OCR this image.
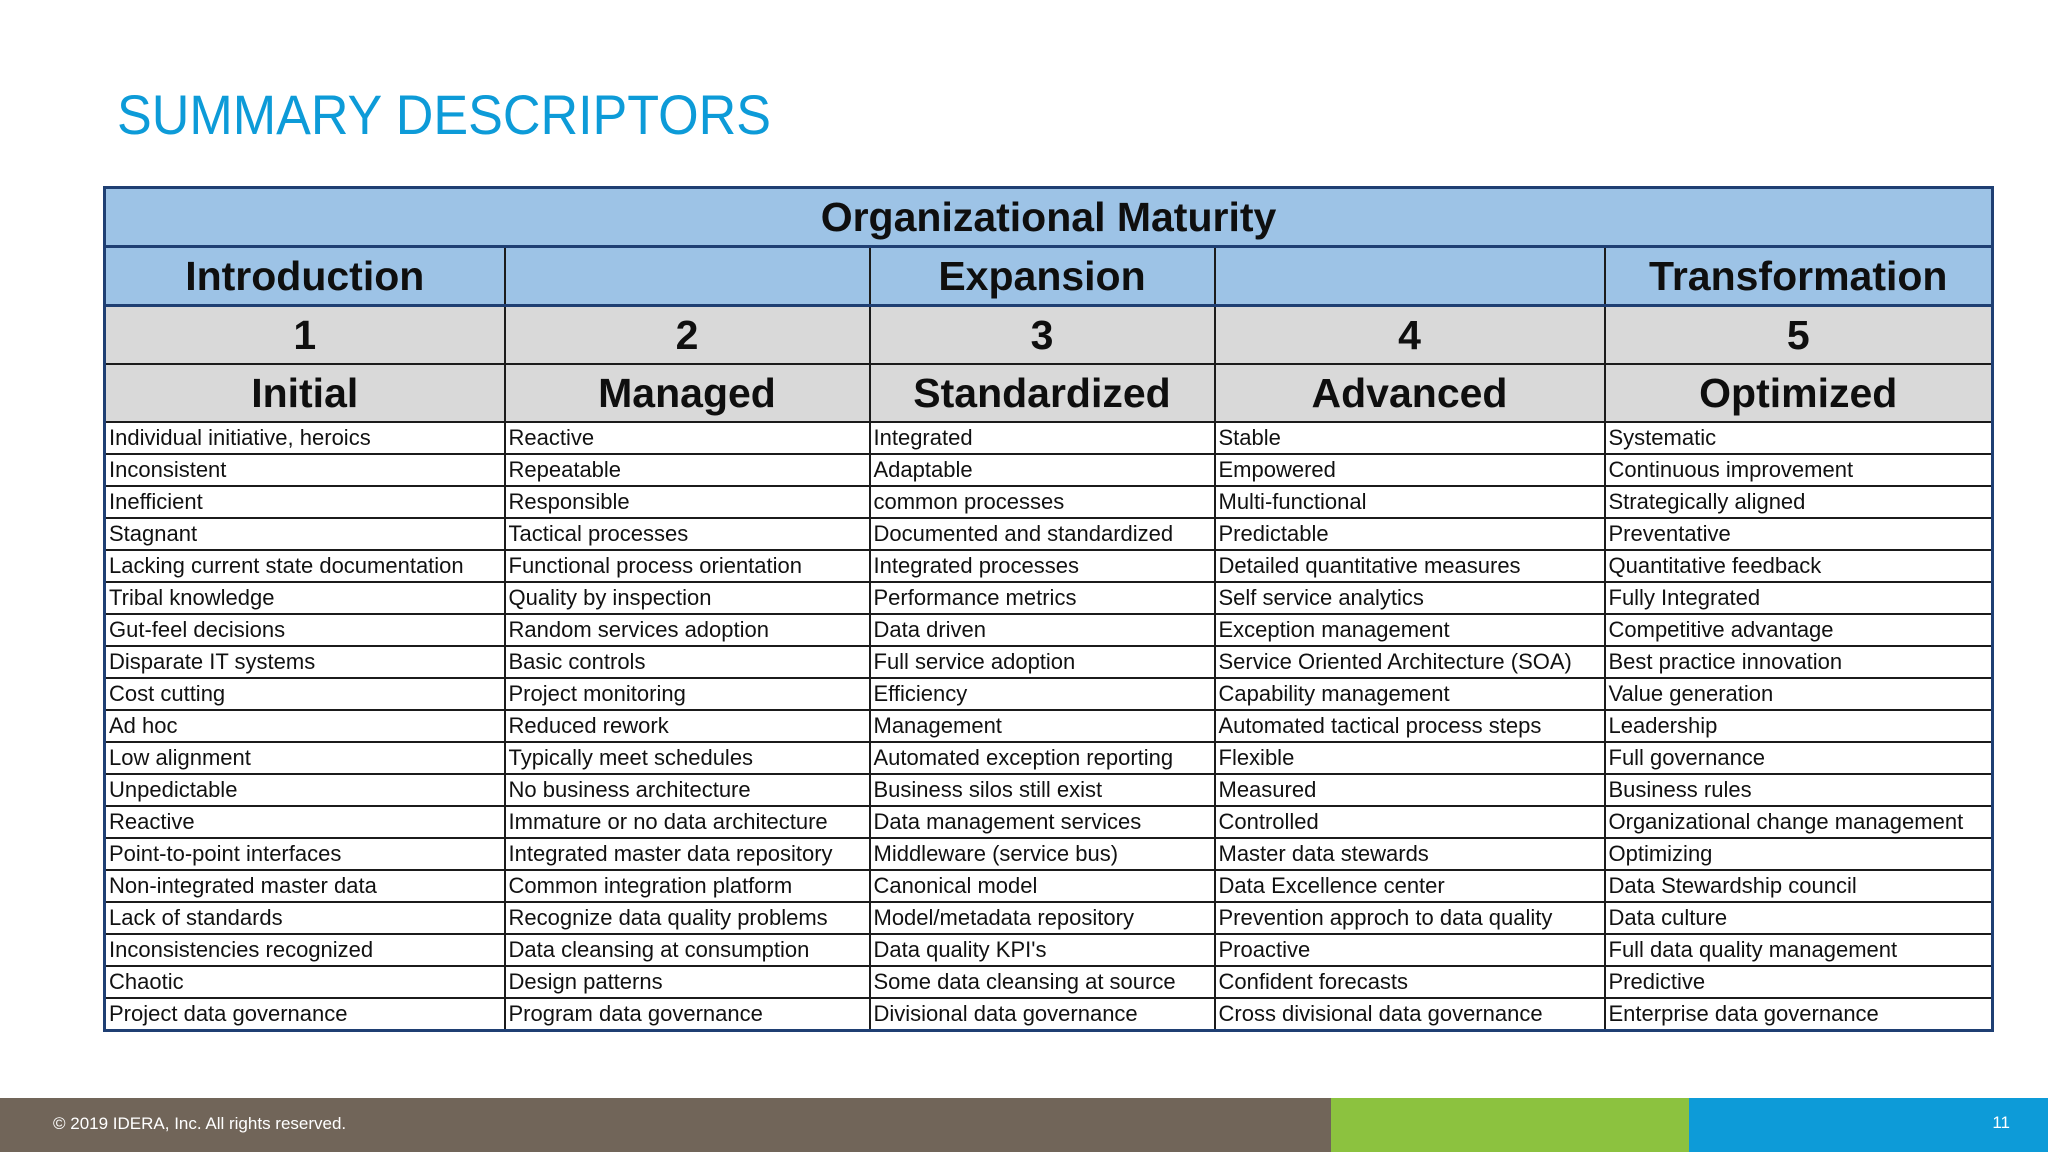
SUMMARY DESCRIPTORS
Organizational Maturity				
Introduction		Expansion		Transformation
1	2	3	4	5
Initial	Managed	Standardized	Advanced	Optimized
Individual initiative, heroics	Reactive	Integrated	Stable	Systematic
Inconsistent	Repeatable	Adaptable	Empowered	Continuous improvement
Inefficient	Responsible	common processes	Multi-functional	Strategically aligned
Stagnant	Tactical processes	Documented and standardized	Predictable	Preventative
Lacking current state documentation	Functional process orientation	Integrated processes	Detailed quantitative measures	Quantitative feedback
Tribal knowledge	Quality by inspection	Performance metrics	Self service analytics	Fully Integrated
Gut-feel decisions	Random services adoption	Data driven	Exception management	Competitive advantage
Disparate IT systems	Basic controls	Full service adoption	Service Oriented Architecture (SOA)	Best practice innovation
Cost cutting	Project monitoring	Efficiency	Capability management	Value generation
Ad hoc	Reduced rework	Management	Automated tactical process steps	Leadership
Low alignment	Typically meet schedules	Automated exception reporting	Flexible	Full governance
Unpedictable	No business architecture	Business silos still exist	Measured	Business rules
Reactive	Immature or no data architecture	Data management services	Controlled	Organizational change management
Point-to-point interfaces	Integrated master data repository	Middleware (service bus)	Master data stewards	Optimizing
Non-integrated master data	Common integration platform	Canonical model	Data Excellence center	Data Stewardship council
Lack of standards	Recognize data quality problems	Model/metadata repository	Prevention approch to data quality	Data culture
Inconsistencies recognized	Data cleansing at consumption	Data quality KPI's	Proactive	Full data quality management
Chaotic	Design patterns	Some data cleansing at source	Confident forecasts	Predictive
Project data governance	Program data governance	Divisional data governance	Cross divisional data governance	Enterprise data governance
© 2019 IDERA, Inc. All rights reserved.	11
